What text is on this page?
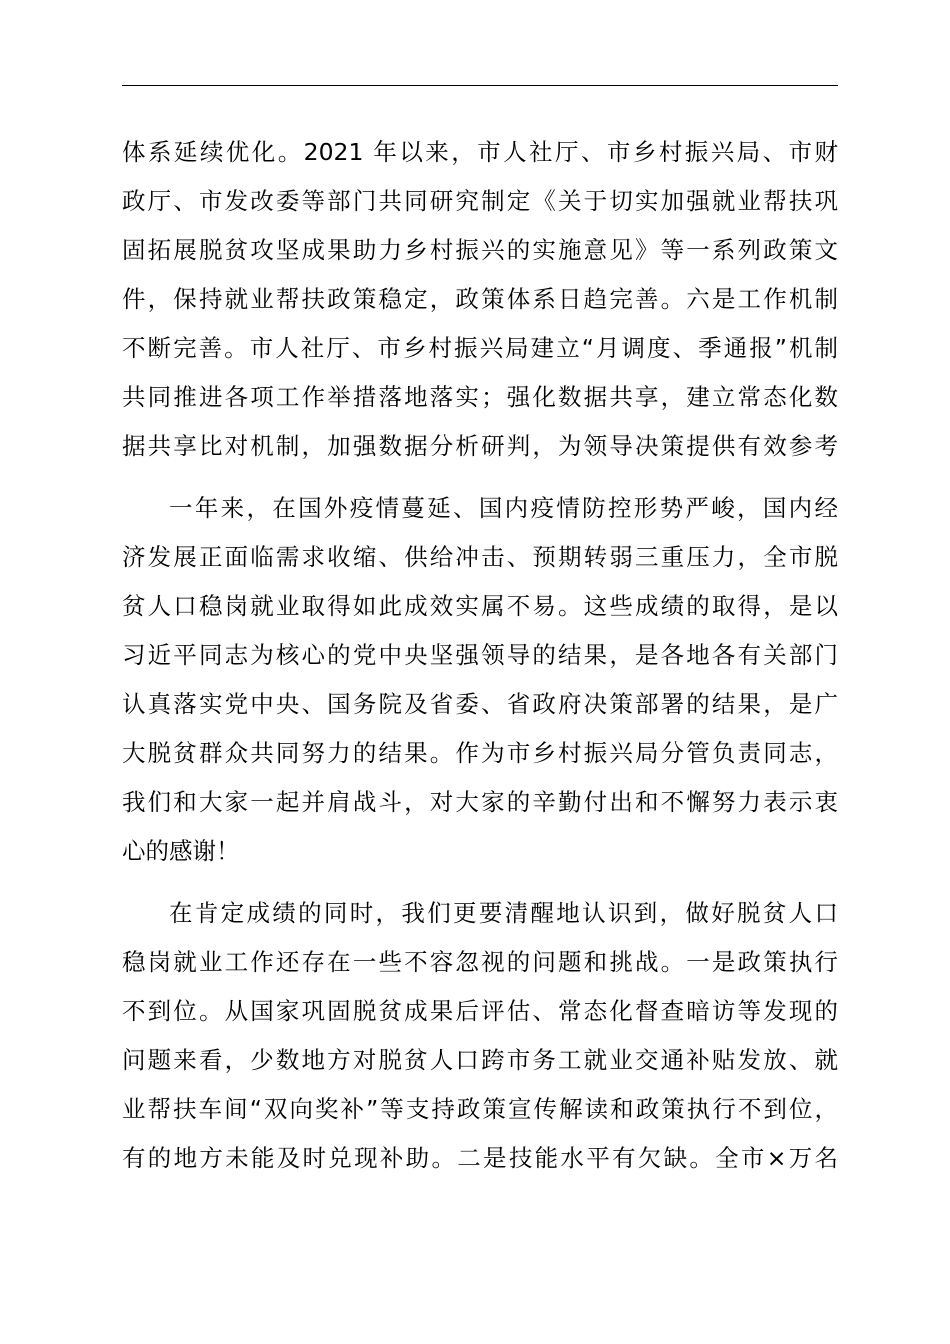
体系延续优化。2021 年以来，市人社厅、市乡村振兴局、市财
政厅、市发改委等部门共同研究制定《关于切实加强就业帮扶巩
固拓展脱贫攻坚成果助力乡村振兴的实施意见》等一系列政策文
件，保持就业帮扶政策稳定，政策体系日趋完善。六是工作机制
不断完善。市人社厅、市乡村振兴局建立“月调度、季通报”机制
共同推进各项工作举措落地落实；强化数据共享，建立常态化数
据共享比对机制，加强数据分析研判，为领导决策提供有效参考
一年来，在国外疫情蔓延、国内疫情防控形势严峻，国内经
济发展正面临需求收缩、供给冲击、预期转弱三重压力，全市脱
贫人口稳岗就业取得如此成效实属不易。这些成绩的取得，是以
习近平同志为核心的党中央坚强领导的结果，是各地各有关部门
认真落实党中央、国务院及省委、省政府决策部署的结果，是广
大脱贫群众共同努力的结果。作为市乡村振兴局分管负责同志，
我们和大家一起并肩战斗，对大家的辛勤付出和不懈努力表示衷
心的感谢！
在肯定成绩的同时，我们更要清醒地认识到，做好脱贫人口
稳岗就业工作还存在一些不容忽视的问题和挑战。一是政策执行
不到位。从国家巩固脱贫成果后评估、常态化督查暗访等发现的
问题来看，少数地方对脱贫人口跨市务工就业交通补贴发放、就
业帮扶车间“双向奖补”等支持政策宣传解读和政策执行不到位，
有的地方未能及时兑现补助。二是技能水平有欠缺。全市×万名
